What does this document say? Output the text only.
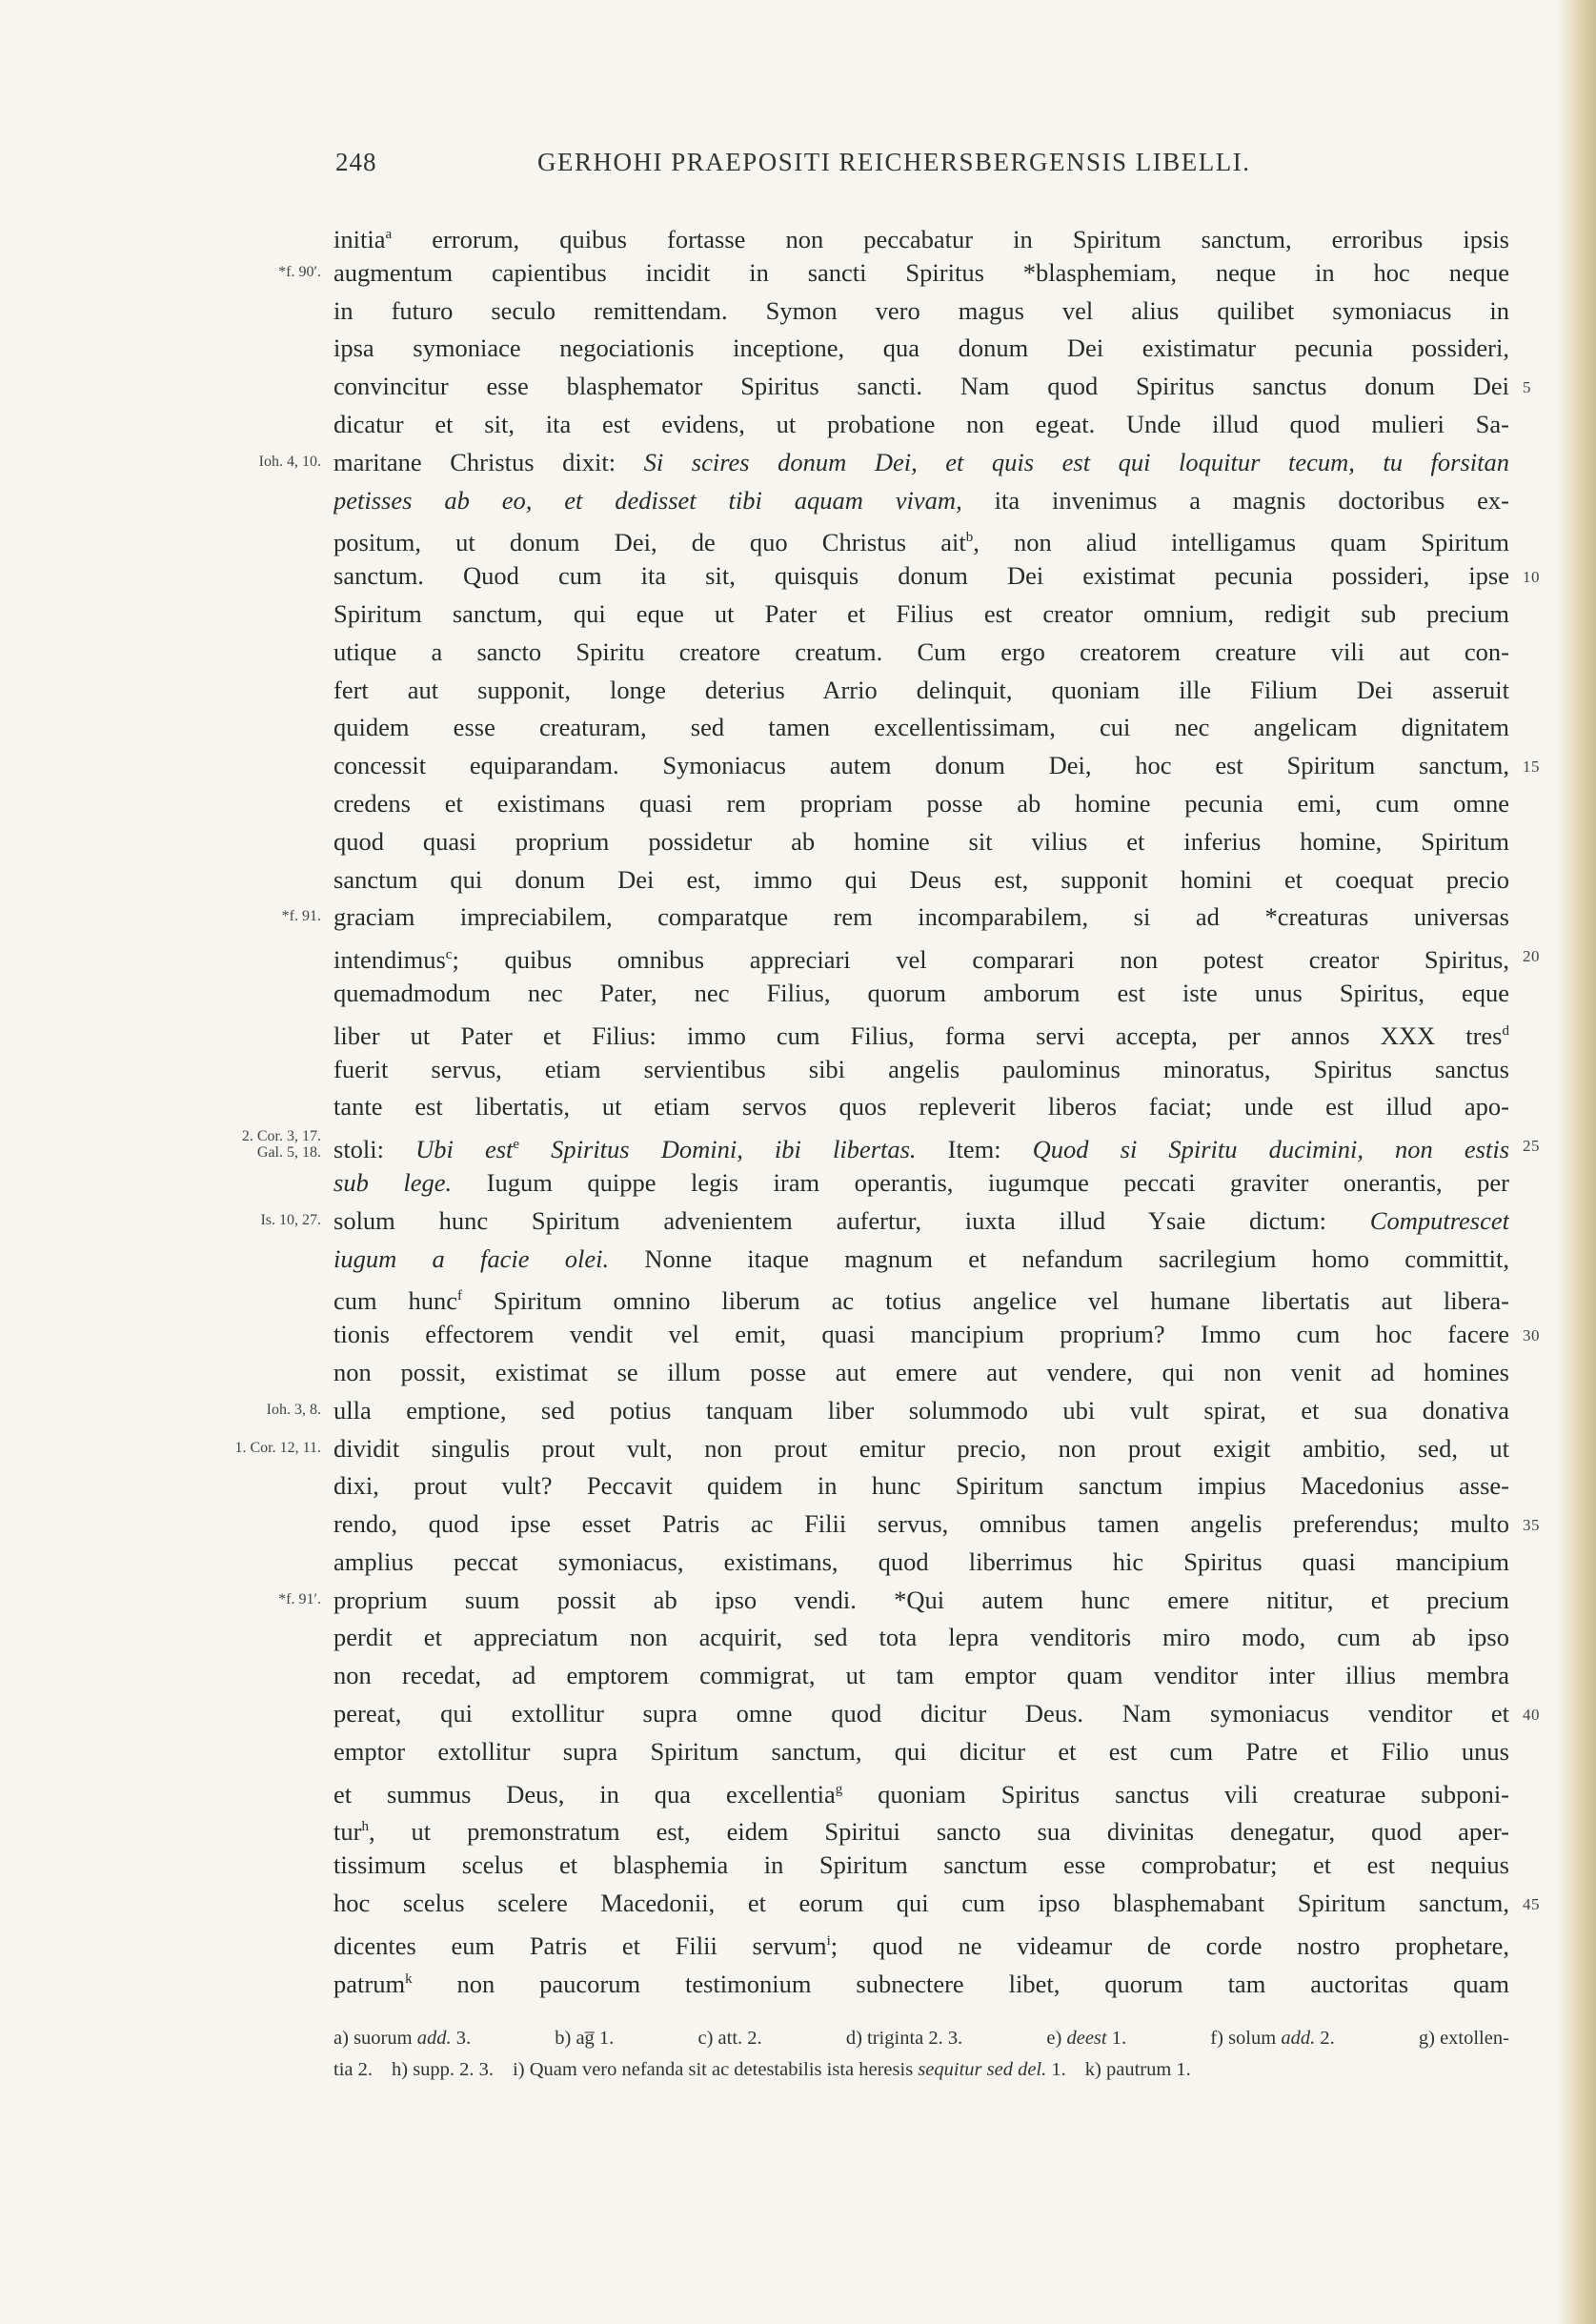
248	GERHOHI PRAEPOSITI REICHERSBERGENSIS LIBELLI.
initia$^a$ errorum, quibus fortasse non peccabatur in Spiritum sanctum, erroribus ipsis
*f. 90′. augmentum capientibus incidit in sancti Spiritus *blasphemiam, neque in hoc neque
in futuro seculo remittendam. Symon vero magus vel alius quilibet symoniacus in
ipsa symoniace negociationis inceptione, qua donum Dei existimatur pecunia possideri,
convincitur esse blasphemator Spiritus sancti. Nam quod Spiritus sanctus donum Dei 5
dicatur et sit, ita est evidens, ut probatione non egeat. Unde illud quod mulieri Sa-
Ioh. 4, 10. maritane Christus dixit: Si scires donum Dei, et quis est qui loquitur tecum, tu forsitan
petisses ab eo, et dedisset tibi aquam vivam, ita invenimus a magnis doctoribus ex-
positum, ut donum Dei, de quo Christus ait$^b$, non aliud intelligamus quam Spiritum
sanctum. Quod cum ita sit, quisquis donum Dei existimat pecunia possideri, ipse 10
Spiritum sanctum, qui eque ut Pater et Filius est creator omnium, redigit sub precium
utique a sancto Spiritu creatore creatum. Cum ergo creatorem creature vili aut con-
fert aut supponit, longe deterius Arrio delinquit, quoniam ille Filium Dei asseruit
quidem esse creaturam, sed tamen excellentissimam, cui nec angelicam dignitatem
concessit equiparandam. Symoniacus autem donum Dei, hoc est Spiritum sanctum, 15
credens et existimans quasi rem propriam posse ab homine pecunia emi, cum omne
quod quasi proprium possidetur ab homine sit vilius et inferius homine, Spiritum
sanctum qui donum Dei est, immo qui Deus est, supponit homini et coequat precio
*f. 91. graciam impreciabilem, comparatque rem incomparabilem, si ad *creaturas universas
intendimus$^c$; quibus omnibus appreciari vel comparari non potest creator Spiritus, 20
quemadmodum nec Pater, nec Filius, quorum amborum est iste unus Spiritus, eque
liber ut Pater et Filius: immo cum Filius, forma servi accepta, per annos XXX tres$^d$
fuerit servus, etiam servientibus sibi angelis paulominus minoratus, Spiritus sanctus
tante est libertatis, ut etiam servos quos repleverit liberos faciat; unde est illud apo-
2. Cor. 3, 17.
Gal. 5, 18. stoli: Ubi est$^e$ Spiritus Domini, ibi libertas. Item: Quod si Spiritu ducimini, non estis 25
sub lege. Iugum quippe legis iram operantis, iugumque peccati graviter onerantis, per
Is. 10, 27. solum hunc Spiritum advenientem aufertur, iuxta illud Ysaie dictum: Computrescet
iugum a facie olei. Nonne itaque magnum et nefandum sacrilegium homo committit,
cum hunc$^f$ Spiritum omnino liberum ac totius angelice vel humane libertatis aut libera-
tionis effectorem vendit vel emit, quasi mancipium proprium? Immo cum hoc facere 30
non possit, existimat se illum posse aut emere aut vendere, qui non venit ad homines
Ioh. 3, 8. ulla emptione, sed potius tanquam liber solummodo ubi vult spirat, et sua donativa
1. Cor. 12, 11. dividit singulis prout vult, non prout emitur precio, non prout exigit ambitio, sed, ut
dixi, prout vult? Peccavit quidem in hunc Spiritum sanctum impius Macedonius asse-
rendo, quod ipse esset Patris ac Filii servus, omnibus tamen angelis preferendus; multo 35
amplius peccat symoniacus, existimans, quod liberrimus hic Spiritus quasi mancipium
*f. 91′. proprium suum possit ab ipso vendi. *Qui autem hunc emere nititur, et precium
perdit et appreciatum non acquirit, sed tota lepra venditoris miro modo, cum ab ipso
non recedat, ad emptorem commigrat, ut tam emptor quam venditor inter illius membra
pereat, qui extollitur supra omne quod dicitur Deus. Nam symoniacus venditor et 40
emptor extollitur supra Spiritum sanctum, qui dicitur et est cum Patre et Filio unus
et summus Deus, in qua excellentia$^g$ quoniam Spiritus sanctus vili creaturae subponi-
tur$^h$, ut premonstratum est, eidem Spiritui sancto sua divinitas denegatur, quod aper-
tissimum scelus et blasphemia in Spiritum sanctum esse comprobatur; et est nequius
hoc scelus scelere Macedonii, et eorum qui cum ipso blasphemabant Spiritum sanctum, 45
dicentes eum Patris et Filii servum$^i$; quod ne videamur de corde nostro prophetare,
patrum$^k$ non paucorum testimonium subnectere libet, quorum tam auctoritas quam
a) suorum add. 3.	b) ag̅ 1.	c) att. 2.	d) triginta 2. 3.	e) deest 1.	f) solum add. 2.	g) extollen-
tia 2. h) supp. 2. 3. i) Quam vero nefanda sit ac detestabilis ista heresis sequitur sed del. 1. k) pautrum 1.
